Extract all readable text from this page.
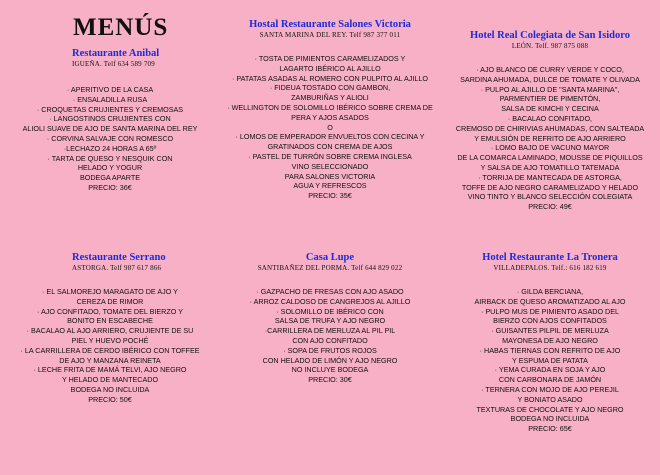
MENÚS
Restaurante Anibal
IGUEÑA. Telf 634 589 709
· APERITIVO DE LA CASA
· ENSALADILLA RUSA
· CROQUETAS CRUJIENTES Y CREMOSAS
· LANGOSTINOS CRUJIENTES CON
ALIOLI SUAVE DE AJO DE SANTA MARINA DEL REY
· CORVINA SALVAJE CON ROMESCO
·LECHAZO 24 HORAS A 65º
· TARTA DE QUESO Y NESQUIK CON
HELADO Y YOGUR
BODEGA APARTE
PRECIO: 36€
Hostal Restaurante Salones Victoria
SANTA MARINA DEL REY. Telf 987 377 011
· TOSTA DE PIMIENTOS CARAMELIZADOS Y
LAGARTO IBÉRICO AL AJILLO
· PATATAS ASADAS AL ROMERO CON PULPITO AL AJILLO
· FIDEUA TOSTADO CON GAMBON,
ZAMBURIÑAS Y ALIOLI
· WELLINGTON DE SOLOMILLO IBÉRICO SOBRE CREMA DE
PERA Y AJOS ASADOS
O
· LOMOS DE EMPERADOR ENVUELTOS CON CECINA Y
GRATINADOS CON CREMA DE AJOS
· PASTEL DE TURRÓN SOBRE CREMA INGLESA
VINO SELECCIONADO
PARA SALONES VICTORIA
AGUA Y REFRESCOS
PRECIO: 35€
Hotel Real Colegiata de San Isidoro
LEÓN. Telf. 987 875 088
· AJO BLANCO DE CURRY VERDE Y COCO,
SARDINA AHUMADA, DULCE DE TOMATE Y OLIVADA
· PULPO AL AJILLO DE "SANTA MARINA",
PARMENTIER DE PIMENTÓN,
SALSA DE KIMCHI Y CECINA
· BACALAO CONFITADO,
CREMOSO DE CHIRIVIAS AHUMADAS, CON SALTEADA
Y EMULSIÓN DE REFRITO DE AJO ARRIERO
· LOMO BAJO DE VACUNO MAYOR
DE LA COMARCA LAMINADO, MOUSSE DE PIQUILLOS
Y SALSA DE AJO TOMATILLO TATEMADA
· TORRIJA DE MANTECADA DE ASTORGA,
TOFFE DE AJO NEGRO CARAMELIZADO Y HELADO
VINO TINTO Y BLANCO SELECCIÓN COLEGIATA
PRECIO: 49€
Restaurante Serrano
ASTORGA. Telf 987 617 866
· EL SALMOREJO MARAGATO DE AJO Y
CEREZA DE RIMOR
· AJO CONFITADO, TOMATE DEL BIERZO Y
BONITO EN ESCABECHE
· BACALAO AL AJO ARRIERO, CRUJIENTE DE SU
PIEL Y HUEVO POCHÉ
· LA CARRILLERA DE CERDO IBÉRICO CON TOFFEE
DE AJO Y MANZANA REINETA
· LECHE FRITA DE MAMÁ TELVI, AJO NEGRO
Y HELADO DE MANTECADO
BODEGA NO INCLUIDA
PRECIO: 50€
Casa Lupe
SANTIBAÑEZ DEL PORMA. Telf 644 829 022
· GAZPACHO DE FRESAS CON AJO ASADO
· ARROZ CALDOSO DE CANGREJOS AL AJILLO
· SOLOMILLO DE IBÉRICO CON
SALSA DE TRUFA Y AJO NEGRO
·CARRILLERA DE MERLUZA AL PIL PIL
CON AJO CONFITADO
· SOPA DE FRUTOS ROJOS
CON HELADO DE LIMÓN Y AJO NEGRO
NO INCLUYE BODEGA
PRECIO: 30€
Hotel Restaurante La Tronera
VILLADEPALOS. Telf.: 616 182 619
· GILDA BERCIANA,
AIRBACK DE QUESO AROMATIZADO AL AJO
· PULPO MUS DE PIMIENTO ASADO DEL
BIERZO CON AJOS CONFITADOS
· GUISANTES PILPIL DE MERLUZA
MAYONESA DE AJO NEGRO
· HABAS TIERNAS CON REFRITO DE AJO
Y ESPUMA DE PATATA
· YEMA CURADA EN SOJA Y AJO
CON CARBONARA DE JAMÓN
· TERNERA CON MOJO DE AJO PEREJIL
Y BONIATO ASADO
TEXTURAS DE CHOCOLATE Y AJO NEGRO
BODEGA NO INCLUIDA
PRECIO: 65€
